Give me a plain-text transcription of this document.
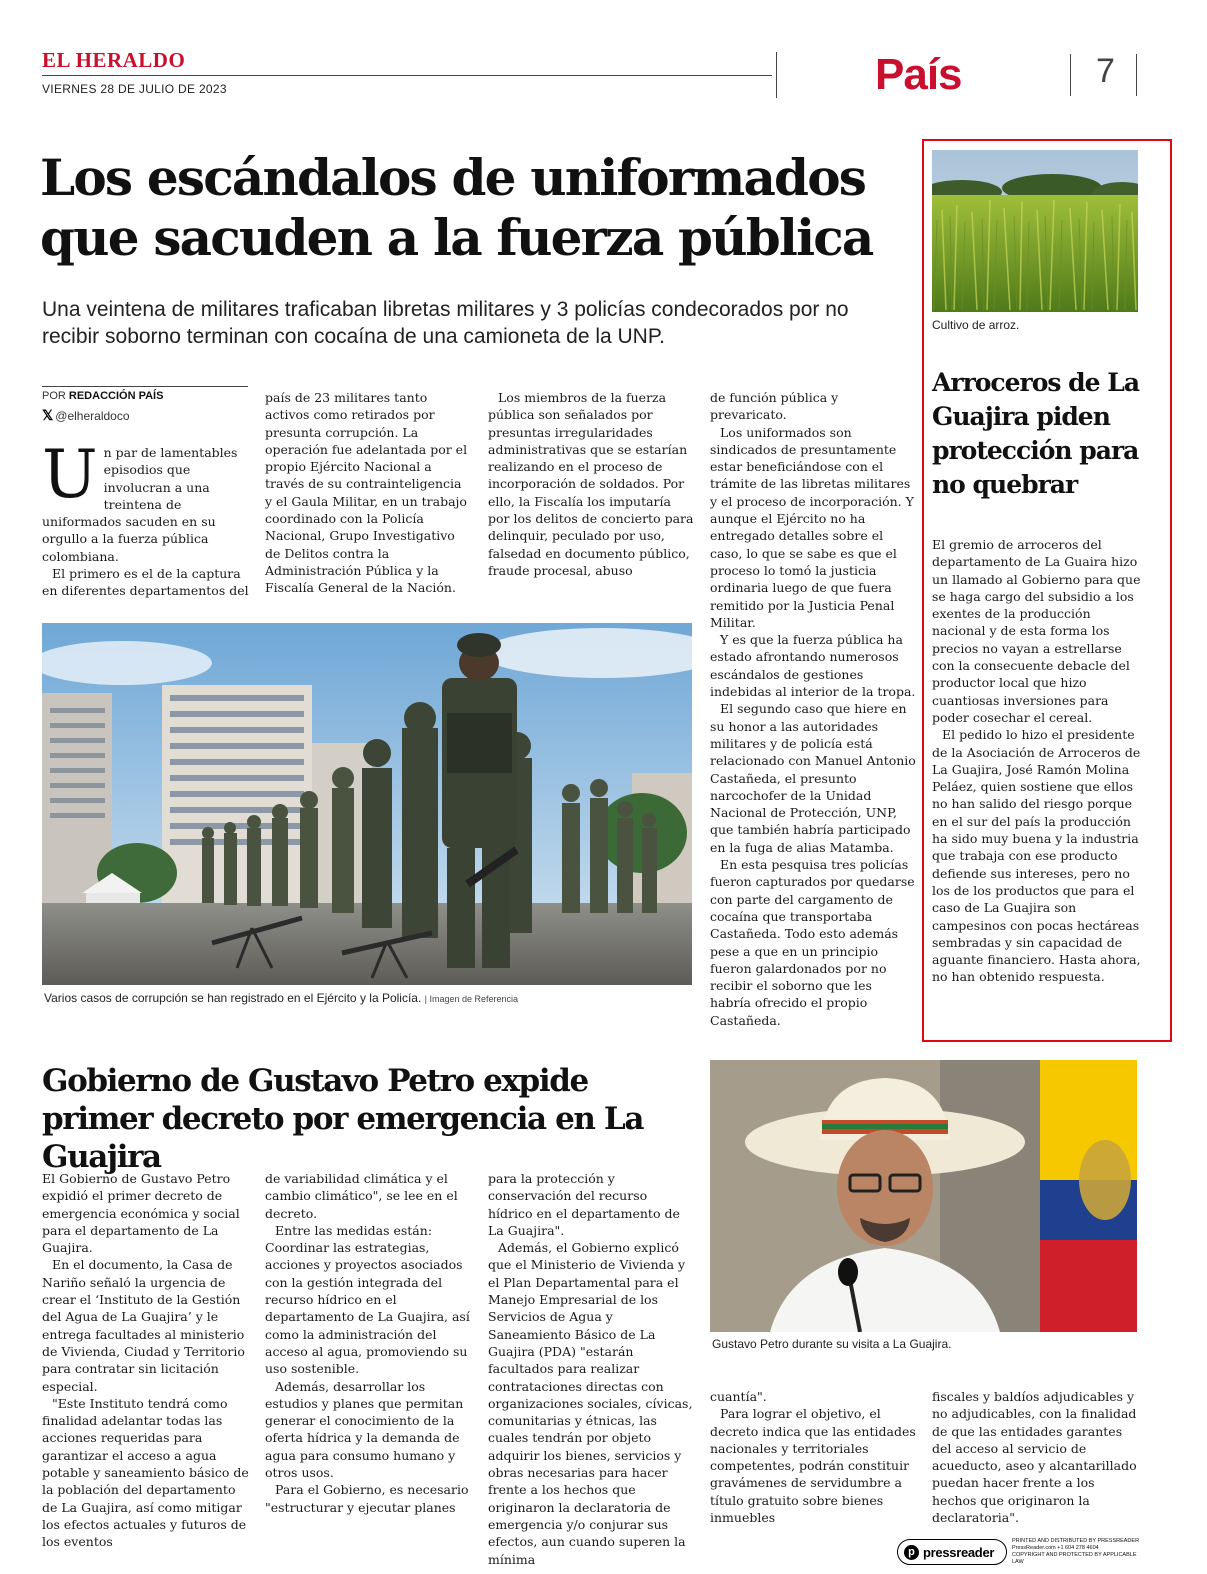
EL HERALDO
VIERNES 28 DE JULIO DE 2023	País	7
Los escándalos de uniformados que sacuden a la fuerza pública
Una veintena de militares traficaban libretas militares y 3 policías condecorados por no recibir soborno terminan con cocaína de una camioneta de la UNP.
POR REDACCIÓN PAÍS
𝕏 @elheraldoco

Un par de lamentables episodios que involucran a una treintena de uniformados sacuden en su orgullo a la fuerza pública colombiana.

El primero es el de la captura en diferentes departamentos del

país de 23 militares tanto activos como retirados por presunta corrupción. La operación fue adelantada por el propio Ejército Nacional a través de su contrainteligencia y el Gaula Militar, en un trabajo coordinado con la Policía Nacional, Grupo Investigativo de Delitos contra la Administración Pública y la Fiscalía General de la Nación.

Los miembros de la fuerza pública son señalados por presuntas irregularidades administrativas que se estarían realizando en el proceso de incorporación de soldados. Por ello, la Fiscalía los imputaría por los delitos de concierto para delinquir, peculado por uso, falsedad en documento público, fraude procesal, abuso

de función pública y prevaricato.

Los uniformados son sindicados de presuntamente estar beneficiándose con el trámite de las libretas militares y el proceso de incorporación. Y aunque el Ejército no ha entregado detalles sobre el caso, lo que se sabe es que el proceso lo tomó la justicia ordinaria luego de que fuera remitido por la Justicia Penal Militar.

Y es que la fuerza pública ha estado afrontando numerosos escándalos de gestiones indebidas al interior de la tropa.

El segundo caso que hiere en su honor a las autoridades militares y de policía está relacionado con Manuel Antonio Castañeda, el presunto narcochofer de la Unidad Nacional de Protección, UNP, que también habría participado en la fuga de alias Matamba.

En esta pesquisa tres policías fueron capturados por quedarse con parte del cargamento de cocaína que transportaba Castañeda. Todo esto además pese a que en un principio fueron galardonados por no recibir el soborno que les habría ofrecido el propio Castañeda.

Varios casos de corrupción se han registrado en el Ejército y la Policía. | Imagen de Referencia
Cultivo de arroz.
Arroceros de La Guajira piden protección para no quebrar

El gremio de arroceros del departamento de La Guaira hizo un llamado al Gobierno para que se haga cargo del subsidio a los exentes de la producción nacional y de esta forma los precios no vayan a estrellarse con la consecuente debacle del productor local que hizo cuantiosas inversiones para poder cosechar el cereal.

El pedido lo hizo el presidente de la Asociación de Arroceros de La Guajira, José Ramón Molina Peláez, quien sostiene que ellos no han salido del riesgo porque en el sur del país la producción ha sido muy buena y la industria que trabaja con ese producto defiende sus intereses, pero no los de los productos que para el caso de La Guajira son campesinos con pocas hectáreas sembradas y sin capacidad de aguante financiero. Hasta ahora, no han obtenido respuesta.

Gobierno de Gustavo Petro expide primer decreto por emergencia en La Guajira

El Gobierno de Gustavo Petro expidió el primer decreto de emergencia económica y social para el departamento de La Guajira.

En el documento, la Casa de Nariño señaló la urgencia de crear el ‘Instituto de la Gestión del Agua de La Guajira’ y le entrega facultades al ministerio de Vivienda, Ciudad y Territorio para contratar sin licitación especial.

"Este Instituto tendrá como finalidad adelantar todas las acciones requeridas para garantizar el acceso a agua potable y saneamiento básico de la población del departamento de La Guajira, así como mitigar los efectos actuales y futuros de los eventos

de variabilidad climática y el cambio climático", se lee en el decreto.

Entre las medidas están: Coordinar las estrategias, acciones y proyectos asociados con la gestión integrada del recurso hídrico en el departamento de La Guajira, así como la administración del acceso al agua, promoviendo su uso sostenible.

Además, desarrollar los estudios y planes que permitan generar el conocimiento de la oferta hídrica y la demanda de agua para consumo humano y otros usos.

Para el Gobierno, es necesario "estructurar y ejecutar planes

para la protección y conservación del recurso hídrico en el departamento de La Guajira".

Además, el Gobierno explicó que el Ministerio de Vivienda y el Plan Departamental para el Manejo Empresarial de los Servicios de Agua y Saneamiento Básico de La Guajira (PDA) "estarán facultados para realizar contrataciones directas con organizaciones sociales, cívicas, comunitarias y étnicas, las cuales tendrán por objeto adquirir los bienes, servicios y obras necesarias para hacer frente a los hechos que originaron la declaratoria de emergencia y/o conjurar sus efectos, aun cuando superen la mínima

Gustavo Petro durante su visita a La Guajira.

cuantía".

Para lograr el objetivo, el decreto indica que las entidades nacionales y territoriales competentes, podrán constituir gravámenes de servidumbre a título gratuito sobre bienes inmuebles

fiscales y baldíos adjudicables y no adjudicables, con la finalidad de que las entidades garantes del acceso al servicio de acueducto, aseo y alcantarillado puedan hacer frente a los hechos que originaron la declaratoria".

p pressreader
PRINTED AND DISTRIBUTED BY PRESSREADER
PressReader.com +1 604 278 4604
COPYRIGHT AND PROTECTED BY APPLICABLE LAW
